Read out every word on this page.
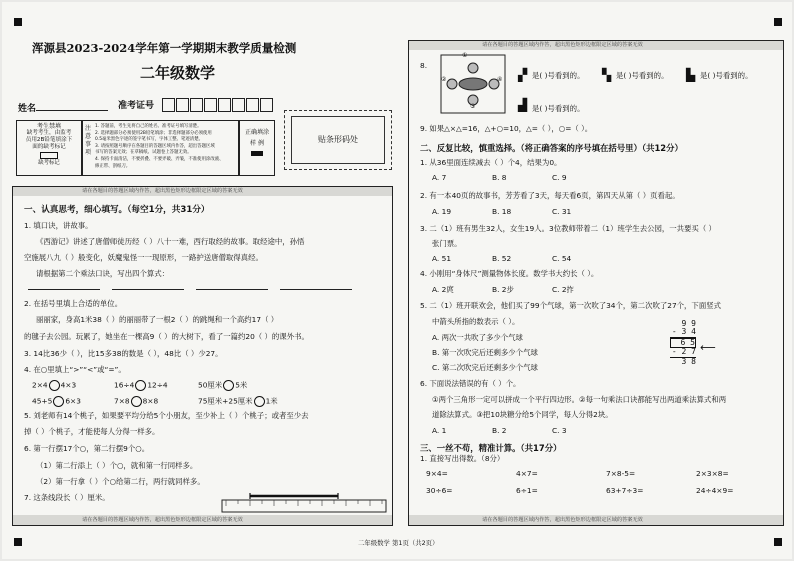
浑源县2023-2024学年第一学期期末教学质量检测
二年级数学
姓名	准考证号
考生禁填
缺考考生，由监考
员用2B铅笔填涂下
面的缺考标记
缺考标记
注 意 事 项
1. 答题前，考生先将自己的姓名、准考证号填写清楚。
2. 选择题部分必须使用2B铅笔填涂；非选择题部分必须使用
0.5毫米黑色字迹的签字笔书写，字体工整、笔迹清楚。
3. 请按照题号顺序在各题目的答题区域内作答，超出答题区域
书写的答案无效；在草稿纸、试题卷上答题无效。
4. 保持卡面清洁，不要折叠、不要弄破、弄皱，不准使用涂改液、
修正带、刮纸刀。
正确填涂
样 例	贴条形码处
请在各题目的答题区域内作答，超出黑色矩形边框限定区域的答案无效
请在各题目的答题区域内作答，超出黑色矩形边框限定区域的答案无效
一、认真思考，细心填写。（每空1分，共31分）
1. 填口诀，讲故事。
《西游记》讲述了唐僧师徒历经（ ）八十一难，西行取经的故事。取经途中，孙悟
空施展八九（ ）般变化，妖魔鬼怪一一现原形，一路护送唐僧取得真经。
请根据第二个乘法口诀，写出四个算式：
2. 在括号里填上合适的单位。
丽丽家，身高1米38（ ）的丽丽带了一根2（ ）的跳绳和一个高约17（ ）
的毽子去公园。玩累了，她坐在一棵高9（ ）的大树下，看了一篇约20（ ）的课外书。
3. 14比36少（ ），比15多38的数是（ ），48比（ ）少27。
4. 在○里填上“>”“<”或“=”。
2×4 4×3	16÷4 12÷4	50厘米 5米
45+5 6×3	7×8 8×8	75厘米+25厘米 1米
5. 刘老师有14个桃子，如果要平均分给5个小朋友，至少补上（ ）个桃子；或者至少去
掉（ ）个桃子，才能使每人分得一样多。
6. 第一行摆17个○，第二行摆9个○。
（1）第二行添上（ ）个○，就和第一行同样多。
（2）第一行拿（ ）个○给第二行，两行就同样多。
7. 这条线段长（ ）厘米。
请在各题目的答题区域内作答，超出黑色矩形边框限定区域的答案无效
请在各题目的答题区域内作答，超出黑色矩形边框限定区域的答案无效
8.
①
②	④
③
▞ 是( )号看到的。 ▚ 是( )号看到的。 ▙ 是( )号看到的。
▟ 是( )号看到的。
9. 如果△×△=16，△+○=10，△=（ ），○=（ ）。
二、反复比较，慎重选择。（将正确答案的序号填在括号里）（共12分）
1. 从36里面连续减去（ ）个4，结果为0。
A. 7	B. 8	C. 9
2. 有一本40页的故事书，芳芳看了3天，每天看6页，第四天从第（ ）页看起。
A. 19	B. 18	C. 31
3. 二（1）班有男生32人，女生19人。3位教师带着二（1）班学生去公园，一共要买（ ）
张门票。
A. 51	B. 52	C. 54
4. 小刚用“身体尺”测量物体长度。数学书大约长（ ）。
A. 2庹	B. 2步	C. 2拃
5. 二（1）班开联欢会，他们买了99个气球，第一次吹了34个，第二次吹了27个，下面竖式
中箭头所指的数表示（ ）。
A. 两次一共吹了多少个气球
B. 第一次吹完后还剩多少个气球
C. 第二次吹完后还剩多少个气球
9 9
- 3 4
6 5
- 2 7
3 8
⟵
6. 下面说法错误的有（ ）个。
①两个三角形一定可以拼成一个平行四边形。②每一句乘法口诀都能写出两道乘法算式和两
道除法算式。③把10块糖分给5个同学，每人分得2块。
A. 1	B. 2	C. 3
三、一丝不苟，精准计算。（共17分）
1. 直接写出得数。（8分）
9×4=	4×7=	7×8-5=	2×3×8=
30÷6=	6÷1=	63+7÷3=	24÷4×9=
二年级数学 第1页（共2页）
